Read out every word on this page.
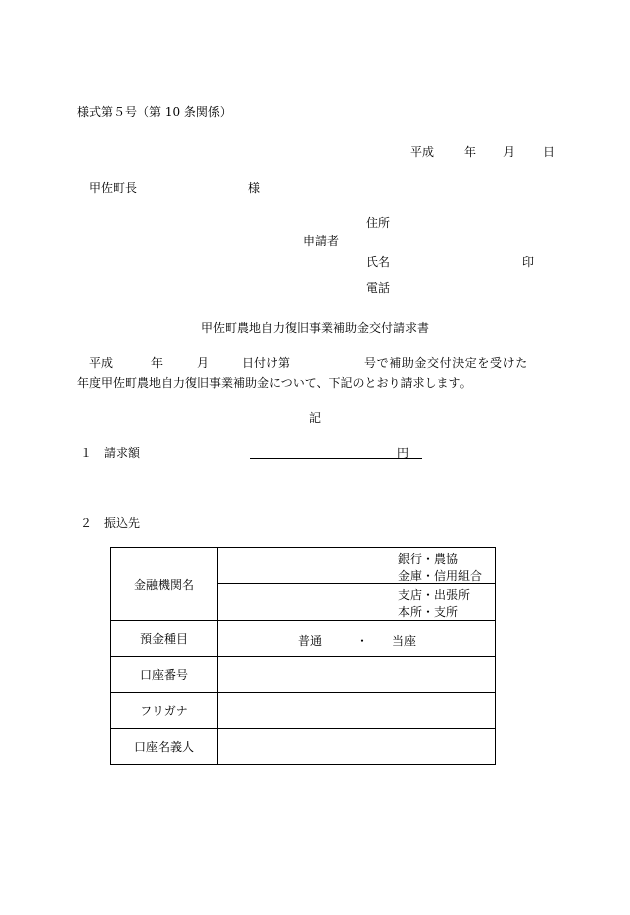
様式第５号（第 10 条関係）
平成 年 月 日
甲佐町長	様
住所
申請者
氏名	印
電話
甲佐町農地自力復旧事業補助金交付請求書
平成	年	月	日付け第	号で補助金交付決定を受けた
年度甲佐町農地自力復旧事業補助金について、下記のとおり請求します。
記
１ 請求額	円
２ 振込先
金融機関名	銀行・農協
金庫・信用組合

	支店・出張所
本所・支所

預金種目	普通 ・ 当座

口座番号	
フリガナ	
口座名義人	
